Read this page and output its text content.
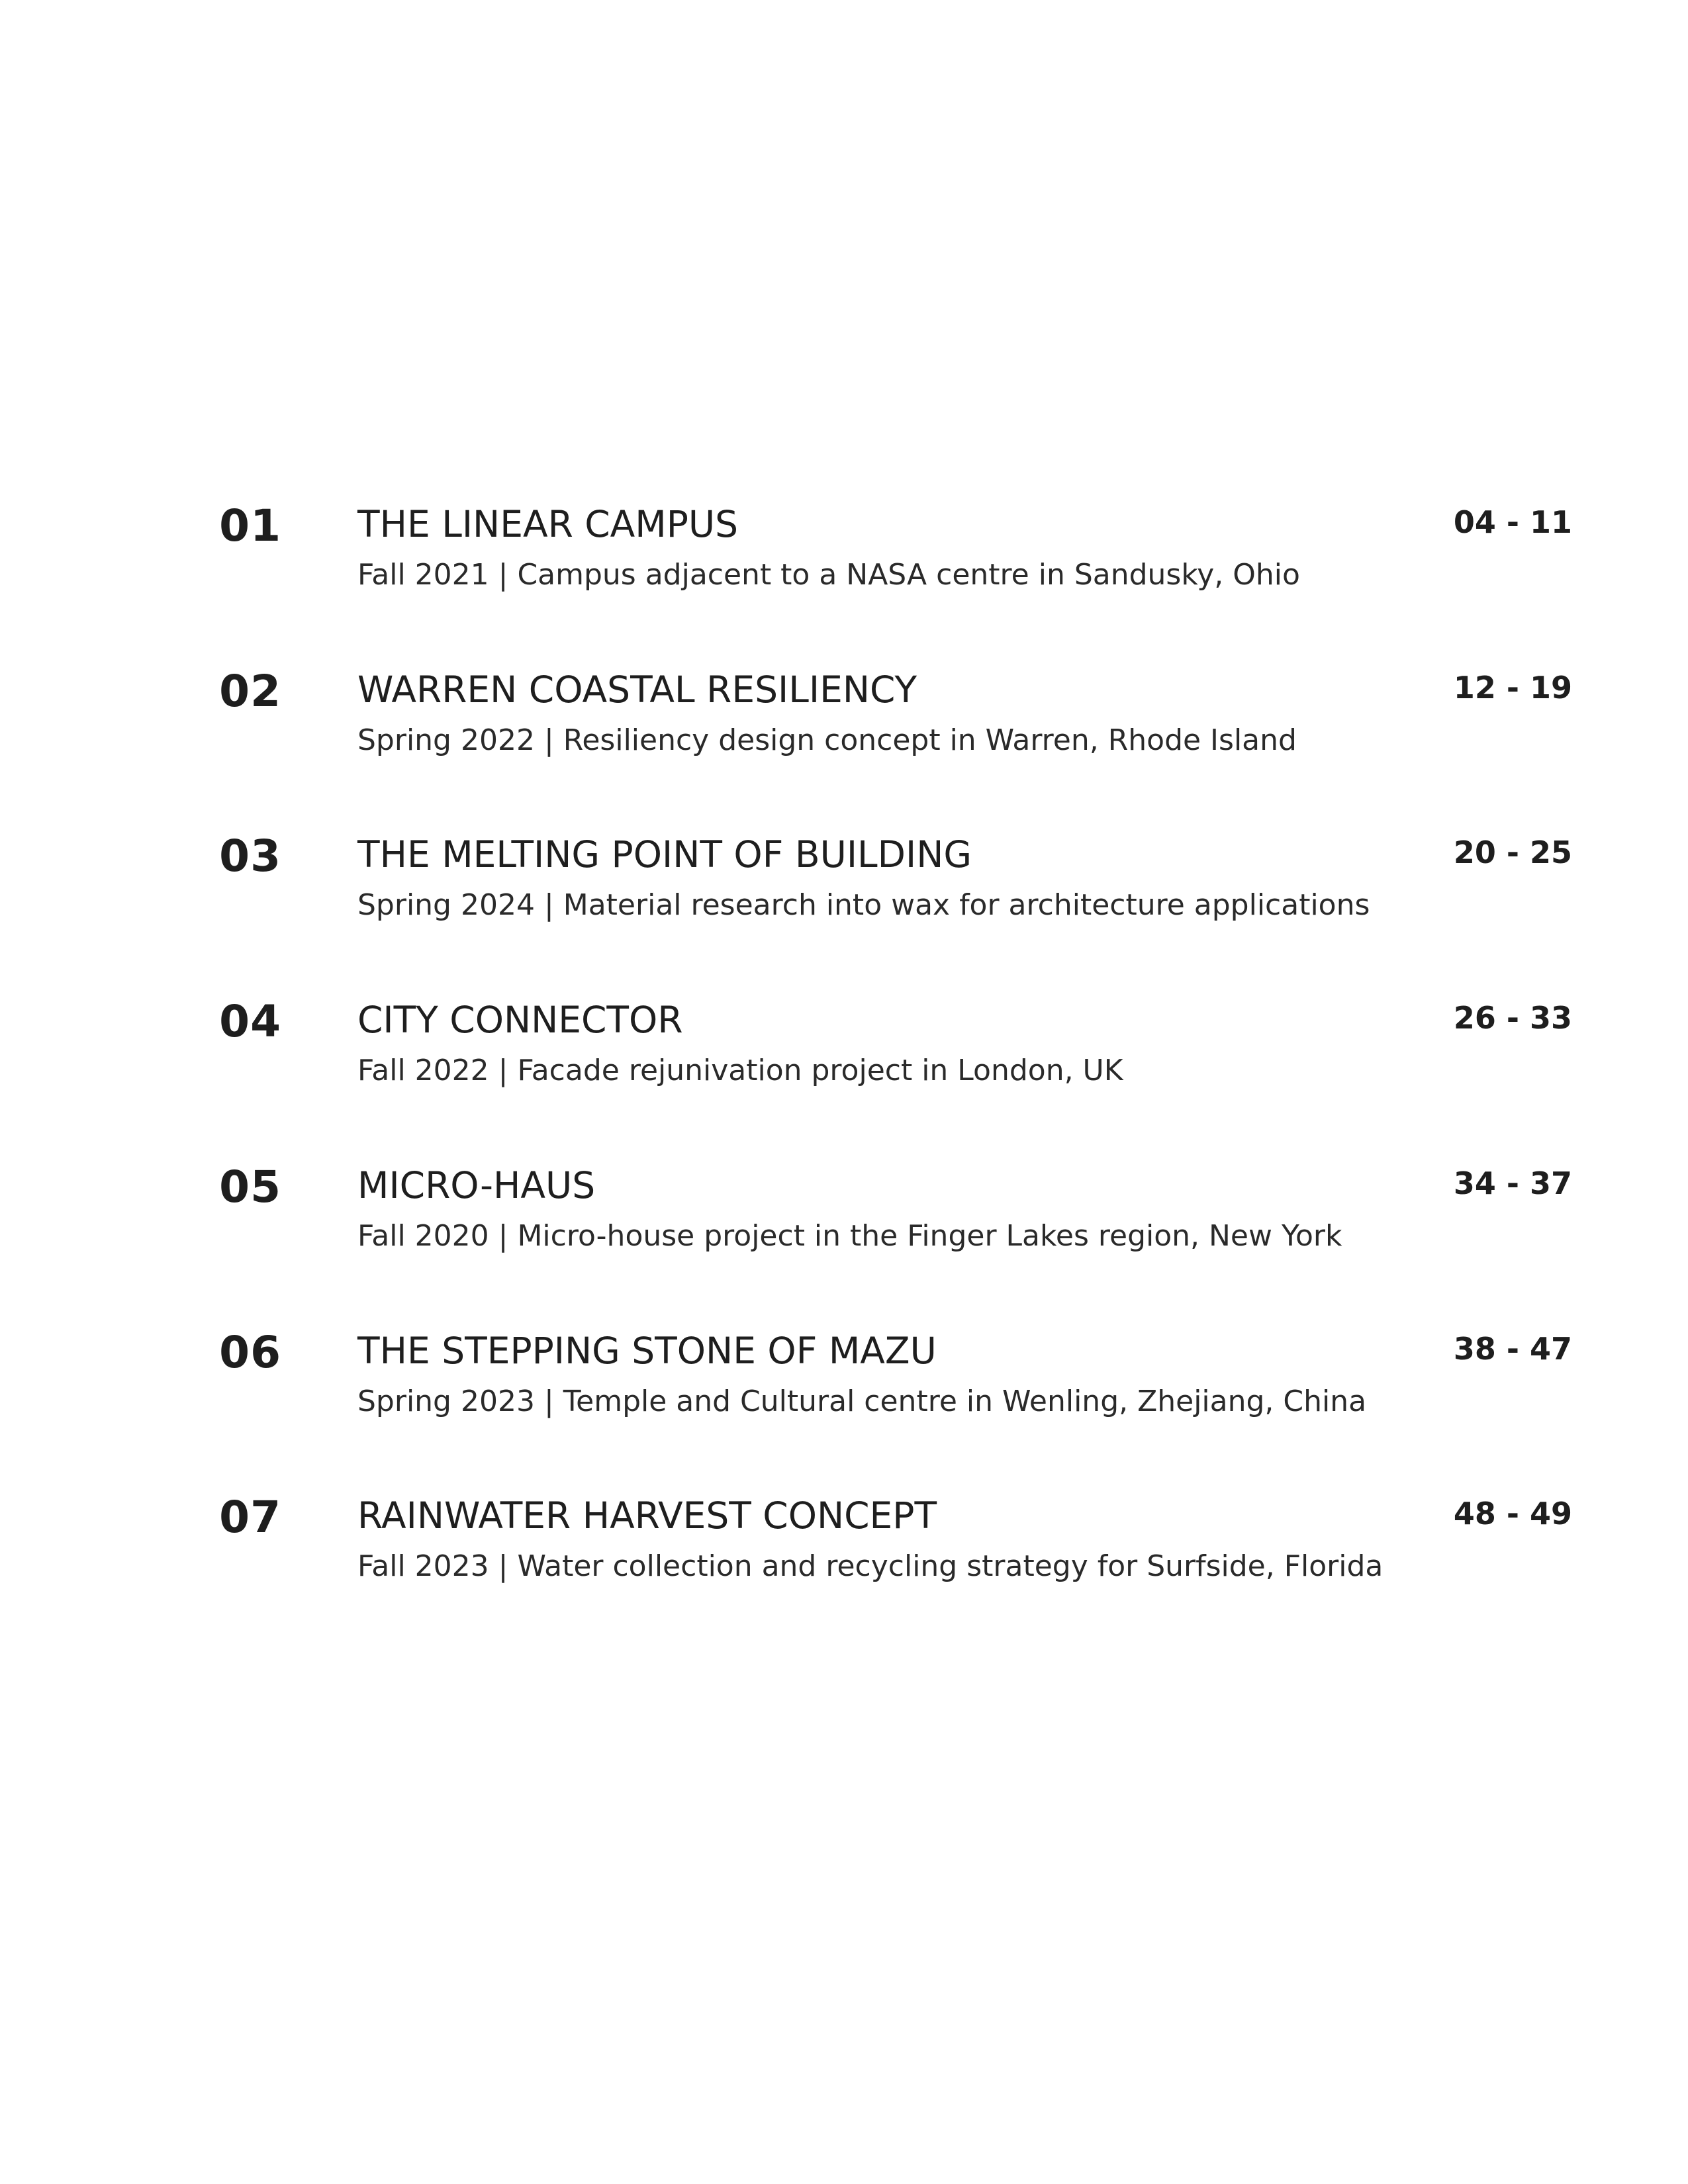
01 THE LINEAR CAMPUS
Fall 2021 | Campus adjacent to a NASA centre in Sandusky, Ohio
04 - 11
02 WARREN COASTAL RESILIENCY
Spring 2022 | Resiliency design concept in Warren, Rhode Island
12 - 19
03 THE MELTING POINT OF BUILDING
Spring 2024 | Material research into wax for architecture applications
20 - 25
04 CITY CONNECTOR
Fall 2022 | Facade rejunivation project in London, UK
26 - 33
05 MICRO-HAUS
Fall 2020 | Micro-house project in the Finger Lakes region, New York
34 - 37
06 THE STEPPING STONE OF MAZU
Spring 2023 | Temple and Cultural centre in Wenling, Zhejiang, China
38 - 47
07 RAINWATER HARVEST CONCEPT
Fall 2023 | Water collection and recycling strategy for Surfside, Florida
48 - 49
